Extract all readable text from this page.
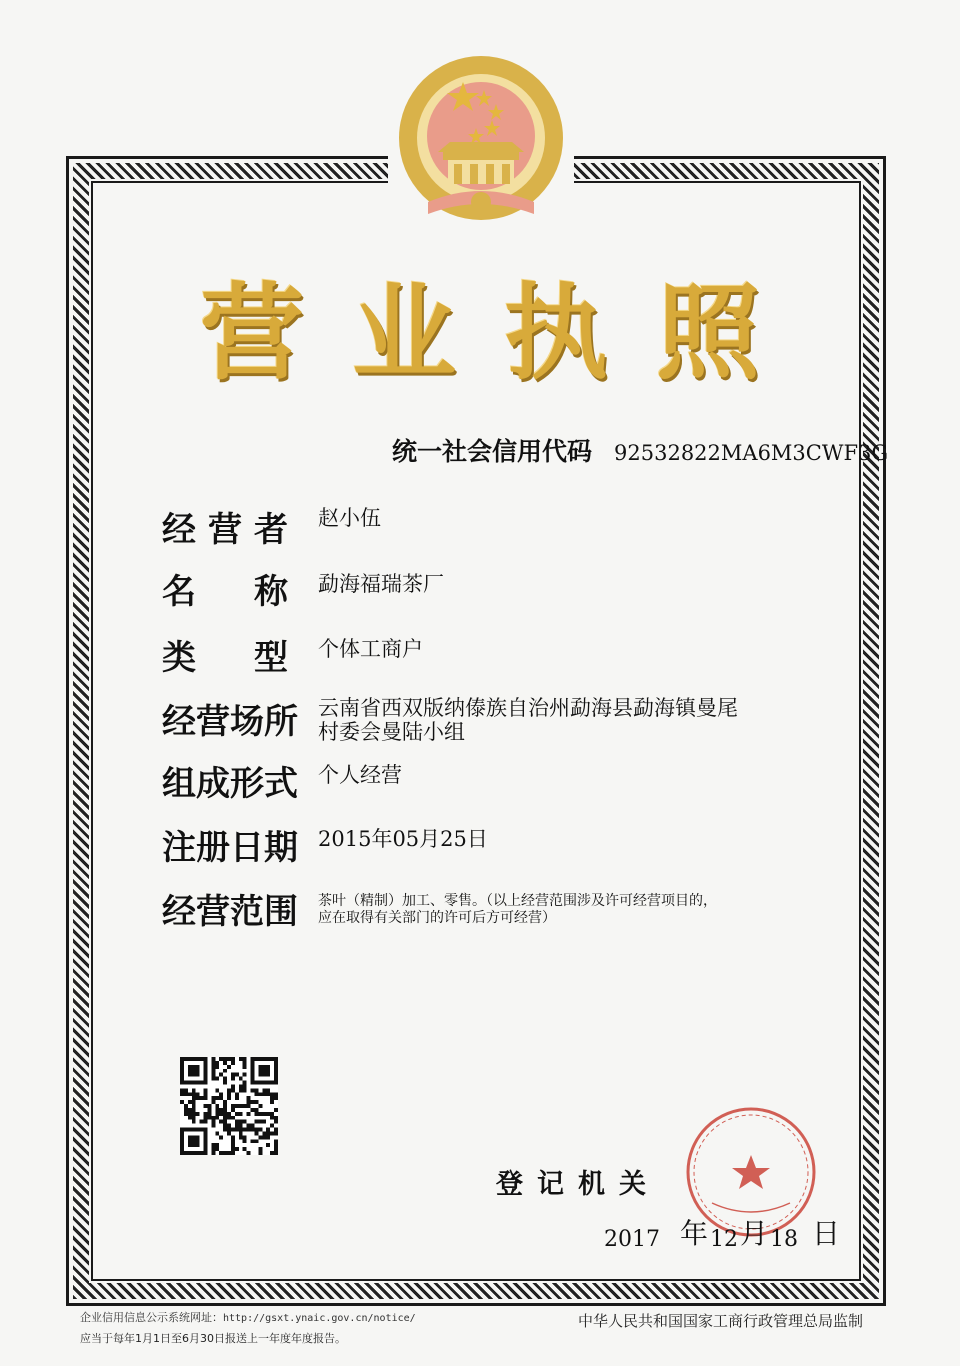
营 业 执 照
统一社会信用代码 92532822MA6M3CWF3G
经 营 者 赵小伍
名 称 勐海福瑞茶厂
类 型 个体工商户
经营场所 云南省西双版纳傣族自治州勐海县勐海镇曼尾
村委会曼陆小组
组成形式 个人经营
注册日期 2015年05月25日
经营范围 茶叶（精制）加工、零售。（以上经营范围涉及许可经营项目的，
应在取得有关部门的许可后方可经营）
登记机关
2017 年 12 月 18 日
企业信用信息公示系统网址：http://gsxt.ynaic.gov.cn/notice/
应当于每年1月1日至6月30日报送上一年度年度报告。
中华人民共和国国家工商行政管理总局监制
